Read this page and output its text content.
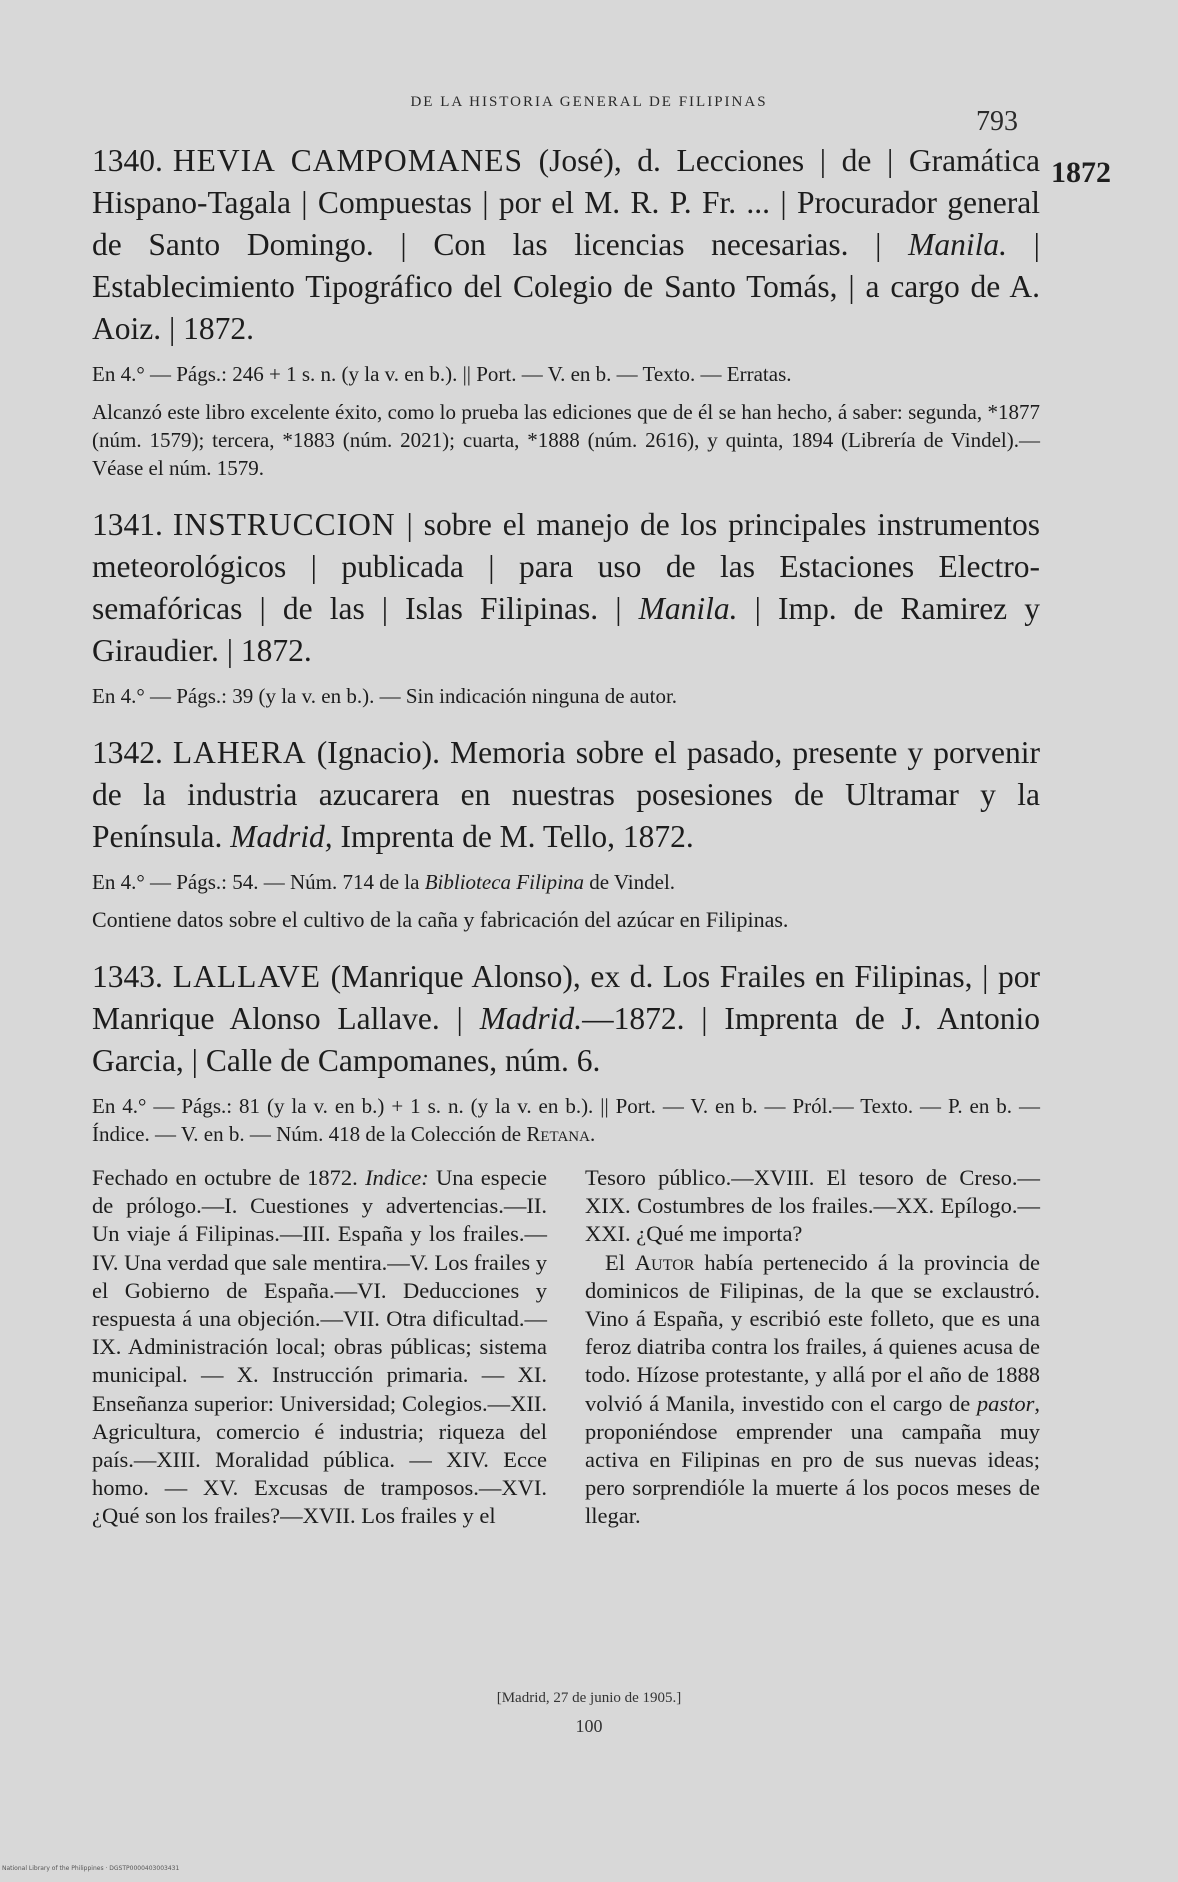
DE LA HISTORIA GENERAL DE FILIPINAS
793
1872

1340. HEVIA CAMPOMANES (José), d. Lecciones | de | Gramática Hispano-Tagala | Compuestas | por el M. R. P. Fr. ... | Procurador general de Santo Domingo. | Con las licencias necesarias. | Manila. | Establecimiento Tipográfico del Colegio de Santo Tomás, | a cargo de A. Aoiz. | 1872.

En 4.° — Págs.: 246 + 1 s. n. (y la v. en b.). || Port. — V. en b. — Texto. — Erratas.

Alcanzó este libro excelente éxito, como lo prueba las ediciones que de él se han hecho, á saber: segunda, *1877 (núm. 1579); tercera, *1883 (núm. 2021); cuarta, *1888 (núm. 2616), y quinta, 1894 (Librería de Vindel).—Véase el núm. 1579.

1341. INSTRUCCION | sobre el manejo de los principales instrumentos meteorológicos | publicada | para uso de las Estaciones Electro-semafóricas | de las | Islas Filipinas. | Manila. | Imp. de Ramirez y Giraudier. | 1872.

En 4.° — Págs.: 39 (y la v. en b.). — Sin indicación ninguna de autor.

1342. LAHERA (Ignacio). Memoria sobre el pasado, presente y porvenir de la industria azucarera en nuestras posesiones de Ultramar y la Península. Madrid, Imprenta de M. Tello, 1872.

En 4.° — Págs.: 54. — Núm. 714 de la Biblioteca Filipina de Vindel.

Contiene datos sobre el cultivo de la caña y fabricación del azúcar en Filipinas.

1343. LALLAVE (Manrique Alonso), ex d. Los Frailes en Filipinas, | por Manrique Alonso Lallave. | Madrid.—1872. | Imprenta de J. Antonio Garcia, | Calle de Campomanes, núm. 6.

En 4.° — Págs.: 81 (y la v. en b.) + 1 s. n. (y la v. en b.). || Port. — V. en b. — Pról.— Texto. — P. en b. — Índice. — V. en b. — Núm. 418 de la Colección de Retana.

Fechado en octubre de 1872. Indice: Una especie de prólogo.—I. Cuestiones y advertencias.—II. Un viaje á Filipinas.—III. España y los frailes.—IV. Una verdad que sale mentira.—V. Los frailes y el Gobierno de España.—VI. Deducciones y respuesta á una objeción.—VII. Otra dificultad.—IX. Administración local; obras públicas; sistema municipal. — X. Instrucción primaria. — XI. Enseñanza superior: Universidad; Colegios.—XII. Agricultura, comercio é industria; riqueza del país.—XIII. Moralidad pública. — XIV. Ecce homo. — XV. Excusas de tramposos.—XVI. ¿Qué son los frailes?—XVII. Los frailes y el

Tesoro público.—XVIII. El tesoro de Creso.—XIX. Costumbres de los frailes.—XX. Epílogo.—XXI. ¿Qué me importa?

El Autor había pertenecido á la provincia de dominicos de Filipinas, de la que se exclaustró. Vino á España, y escribió este folleto, que es una feroz diatriba contra los frailes, á quienes acusa de todo. Hízose protestante, y allá por el año de 1888 volvió á Manila, investido con el cargo de pastor, proponiéndose emprender una campaña muy activa en Filipinas en pro de sus nuevas ideas; pero sorprendióle la muerte á los pocos meses de llegar.

[Madrid, 27 de junio de 1905.]
100
National Library of the Philippines · DGSTP0000403003431
